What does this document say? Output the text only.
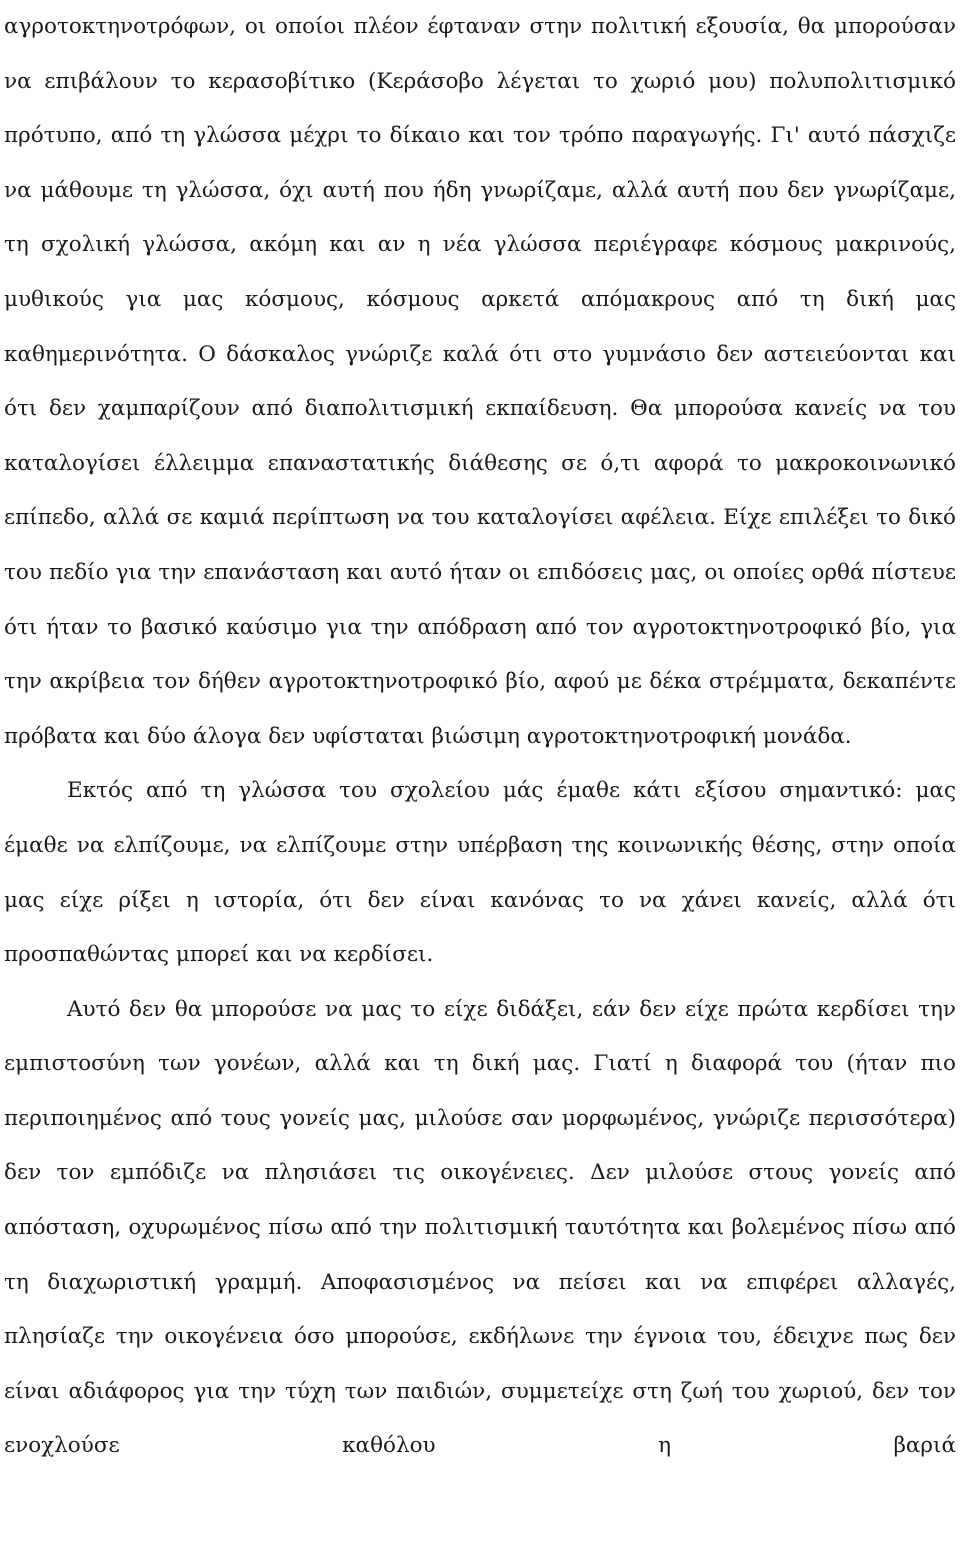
αγροτοκτηνοτρόφων, οι οποίοι πλέον έφταναν στην πολιτική εξουσία, θα μπορούσαν να επιβάλουν το κερασοβίτικο (Κεράσοβο λέγεται το χωριό μου) πολυπολιτισμικό πρότυπο, από τη γλώσσα μέχρι το δίκαιο και τον τρόπο παραγωγής. Γι' αυτό πάσχιζε να μάθουμε τη γλώσσα, όχι αυτή που ήδη γνωρίζαμε, αλλά αυτή που δεν γνωρίζαμε, τη σχολική γλώσσα, ακόμη και αν η νέα γλώσσα περιέγραφε κόσμους μακρινούς, μυθικούς για μας κόσμους, κόσμους αρκετά απόμακρους από τη δική μας καθημερινότητα. Ο δάσκαλος γνώριζε καλά ότι στο γυμνάσιο δεν αστειεύονται και ότι δεν χαμπαρίζουν από διαπολιτισμική εκπαίδευση. Θα μπορούσα κανείς να του καταλογίσει έλλειμμα επαναστατικής διάθεσης σε ό,τι αφορά το μακροκοινωνικό επίπεδο, αλλά σε καμιά περίπτωση να του καταλογίσει αφέλεια. Είχε επιλέξει το δικό του πεδίο για την επανάσταση και αυτό ήταν οι επιδόσεις μας, οι οποίες ορθά πίστευε ότι ήταν το βασικό καύσιμο για την απόδραση από τον αγροτοκτηνοτροφικό βίο, για την ακρίβεια τον δήθεν αγροτοκτηνοτροφικό βίο, αφού με δέκα στρέμματα, δεκαπέντε πρόβατα και δύο άλογα δεν υφίσταται βιώσιμη αγροτοκτηνοτροφική μονάδα.

Εκτός από τη γλώσσα του σχολείου μάς έμαθε κάτι εξίσου σημαντικό: μας έμαθε να ελπίζουμε, να ελπίζουμε στην υπέρβαση της κοινωνικής θέσης, στην οποία μας είχε ρίξει η ιστορία, ότι δεν είναι κανόνας το να χάνει κανείς, αλλά ότι προσπαθώντας μπορεί και να κερδίσει.

Αυτό δεν θα μπορούσε να μας το είχε διδάξει, εάν δεν είχε πρώτα κερδίσει την εμπιστοσύνη των γονέων, αλλά και τη δική μας. Γιατί η διαφορά του (ήταν πιο περιποιημένος από τους γονείς μας, μιλούσε σαν μορφωμένος, γνώριζε περισσότερα) δεν τον εμπόδιζε να πλησιάσει τις οικογένειες. Δεν μιλούσε στους γονείς από απόσταση, οχυρωμένος πίσω από την πολιτισμική ταυτότητα και βολεμένος πίσω από τη διαχωριστική γραμμή. Αποφασισμένος να πείσει και να επιφέρει αλλαγές, πλησίαζε την οικογένεια όσο μπορούσε, εκδήλωνε την έγνοια του, έδειχνε πως δεν είναι αδιάφορος για την τύχη των παιδιών, συμμετείχε στη ζωή του χωριού, δεν τον ενοχλούσε καθόλου η βαριά
